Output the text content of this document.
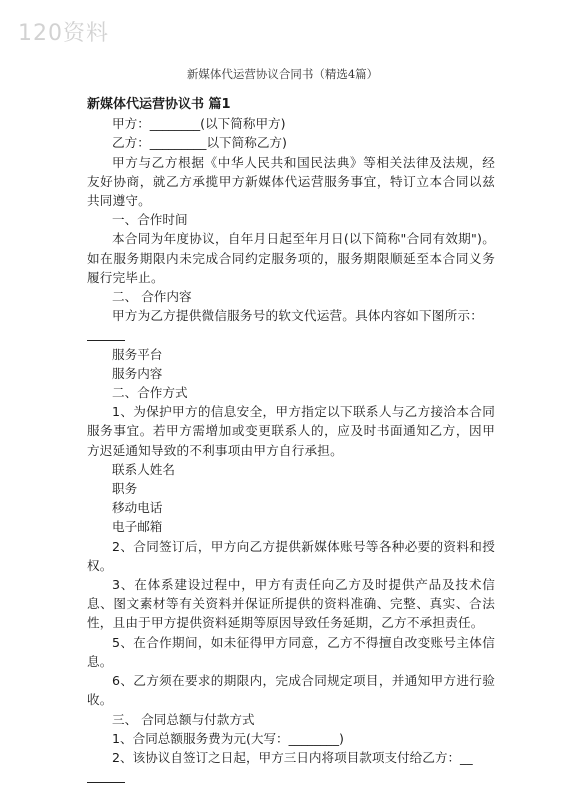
120资料
新媒体代运营协议合同书（精选4篇）

新媒体代运营协议书 篇1

甲方：________(以下简称甲方)

乙方：_________以下简称乙方)

甲方与乙方根据《中华人民共和国民法典》等相关法律及法规，经友好协商，就乙方承揽甲方新媒体代运营服务事宜，特订立本合同以兹共同遵守。

一、合作时间

本合同为年度协议，自年月日起至年月日(以下简称"合同有效期")。如在服务期限内未完成合同约定服务项的，服务期限顺延至本合同义务履行完毕止。

二、 合作内容

甲方为乙方提供微信服务号的软文代运营。具体内容如下图所示：

服务平台

服务内容

二、合作方式

1、为保护甲方的信息安全，甲方指定以下联系人与乙方接洽本合同服务事宜。若甲方需增加或变更联系人的，应及时书面通知乙方，因甲方迟延通知导致的不利事项由甲方自行承担。

联系人姓名

职务

移动电话

电子邮箱

2、合同签订后，甲方向乙方提供新媒体账号等各种必要的资料和授权。

3、在体系建设过程中，甲方有责任向乙方及时提供产品及技术信息、图文素材等有关资料并保证所提供的资料准确、完整、真实、合法性，且由于甲方提供资料延期等原因导致任务延期，乙方不承担责任。

5、在合作期间，如未征得甲方同意，乙方不得擅自改变账号主体信息。

6、乙方须在要求的期限内，完成合同规定项目，并通知甲方进行验收。

三、 合同总额与付款方式

1、合同总额服务费为元(大写：________)

2、该协议自签订之日起，甲方三日内将项目款项支付给乙方：__
